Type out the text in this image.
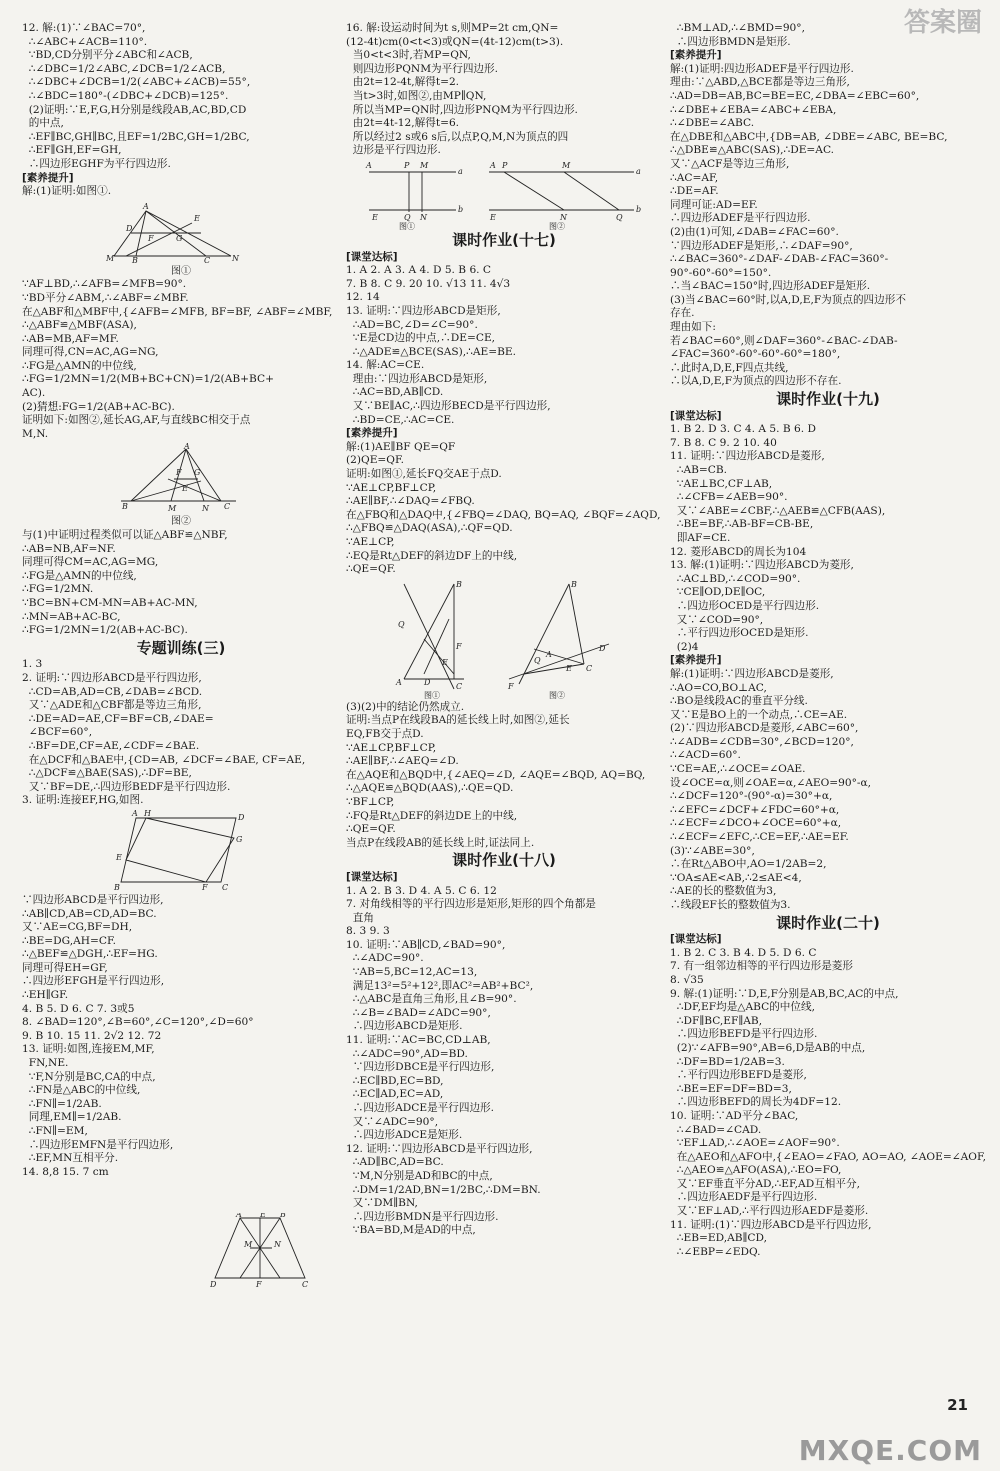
12. 解:(1)∵∠BAC=70°,
∴∠ABC+∠ACB=110°.
∵BD,CD分别平分∠ABC和∠ACB,
∴∠DBC=1/2∠ABC,∠DCB=1/2∠ACB,
∴∠DBC+∠DCB=1/2(∠ABC+∠ACB)=55°,
∴∠BDC=180°-(∠DBC+∠DCB)=125°.
(2)证明:∵E,F,G,H分别是线段AB,AC,BD,CD
的中点,
∴EF∥BC,GH∥BC,且EF=1/2BC,GH=1/2BC,
∴EF∥GH,EF=GH,
∴四边形EGHF为平行四边形.
[素养提升]
解:(1)证明:如图①.
A
M	N
B	C
E
D
F	G
图①
∵AF⊥BD,∴∠AFB=∠MFB=90°.
∵BD平分∠ABM,∴∠ABF=∠MBF.
在△ABF和△MBF中,{∠AFB=∠MFB, BF=BF, ∠ABF=∠MBF,
∴△ABF≌△MBF(ASA),
∴AB=MB,AF=MF.
同理可得,CN=AC,AG=NG,
∴FG是△AMN的中位线,
∴FG=1/2MN=1/2(MB+BC+CN)=1/2(AB+BC+
AC).
(2)猜想:FG=1/2(AB+AC-BC).
证明如下:如图②,延长AG,AF,与直线BC相交于点
M,N.
A
B	C
M	N
F G
E
图②
与(1)中证明过程类似可以证△ABF≌△NBF,
∴AB=NB,AF=NF.
同理可得CM=AC,AG=MG,
∴FG是△AMN的中位线,
∴FG=1/2MN.
∵BC=BN+CM-MN=AB+AC-MN,
∴MN=AB+AC-BC,
∴FG=1/2MN=1/2(AB+AC-BC).
专题训练(三)
1. 3
2. 证明:∵四边形ABCD是平行四边形,
∴CD=AB,AD=CB,∠DAB=∠BCD.
又∵△ADE和△CBF都是等边三角形,
∴DE=AD=AE,CF=BF=CB,∠DAE=
∠BCF=60°,
∴BF=DE,CF=AE,∠CDF=∠BAE.
在△DCF和△BAE中,{CD=AB, ∠DCF=∠BAE, CF=AE,
∴△DCF≌△BAE(SAS),∴DF=BE,
又∵BF=DE,∴四边形BEDF是平行四边形.
3. 证明:连接EF,HG,如图.
A H	D
E
G
B	F C
∵四边形ABCD是平行四边形,
∴AB∥CD,AB=CD,AD=BC.
又∵AE=CG,BF=DH,
∴BE=DG,AH=CF.
∴△BEF≌△DGH,∴EF=HG.
同理可得EH=GF,
∴四边形EFGH是平行四边形,
∴EH∥GF.
4. B 5. D 6. C 7. 3或5
8. ∠BAD=120°,∠B=60°,∠C=120°,∠D=60°
9. B 10. 15 11. 2√2 12. 72
13. 证明:如图,连接EM,MF,
FN,NE.
∵F,N分别是BC,CA的中点,
∴FN是△ABC的中位线,
∴FN∥=1/2AB.
同理,EM∥=1/2AB.
∴FN∥=EM,
∴四边形EMFN是平行四边形,
∴EF,MN互相平分.
14. 8,8 15. 7 cm
16. 解:设运动时间为t s,则MP=2t cm,QN=
(12-4t)cm(0<t<3)或QN=(4t-12)cm(t>3).
当0<t<3时,若MP=QN,
则四边形PQNM为平行四边形.
由2t=12-4t,解得t=2.
当t>3时,如图②,由MP∥QN,
所以当MP=QN时,四边形PNQM为平行四边形.
由2t=4t-12,解得t=6.
所以经过2 s或6 s后,以点P,Q,M,N为顶点的四
边形是平行四边形.
A	P M
a
E	Q N
b
图①
A P	M
a
E	N	Q
b
图②
课时作业(十七)
[课堂达标]
1. A 2. A 3. A 4. D 5. B 6. C
7. B 8. C 9. 20 10. √13 11. 4√3
12. 14
13. 证明:∵四边形ABCD是矩形,
∴AD=BC,∠D=∠C=90°.
∵E是CD边的中点,∴DE=CE,
∴△ADE≌△BCE(SAS),∴AE=BE.
14. 解:AC=CE.
理由:∵四边形ABCD是矩形,
∴AC=BD,AB∥CD.
又∵BE∥AC,∴四边形BECD是平行四边形,
∴BD=CE,∴AC=CE.
[素养提升]
解:(1)AE∥BF QE=QF
(2)QE=QF.
证明:如图①,延长FQ交AE于点D.
∵AE⊥CP,BF⊥CP,
∴AE∥BF,∴∠DAQ=∠FBQ.
在△FBQ和△DAQ中,{∠FBQ=∠DAQ, BQ=AQ, ∠BQF=∠AQD,
∴△FBQ≌△DAQ(ASA),∴QF=QD.
∵AE⊥CP,
∴EQ是Rt△DEF的斜边DF上的中线,
∴QE=QF.
B
Q
A	C
E
D
F
图①
B
F
C
Q
A
E
D
图②
(3)(2)中的结论仍然成立.
证明:当点P在线段BA的延长线上时,如图②,延长
EQ,FB交于点D.
∵AE⊥CP,BF⊥CP,
∴AE∥BF,∴∠AEQ=∠D.
在△AQE和△BQD中,{∠AEQ=∠D, ∠AQE=∠BQD, AQ=BQ,
∴△AQE≌△BQD(AAS),∴QE=QD.
∵BF⊥CP,
∴FQ是Rt△DEF的斜边DE上的中线,
∴QE=QF.
当点P在线段AB的延长线上时,证法同上.
课时作业(十八)
[课堂达标]
1. A 2. B 3. D 4. A 5. C 6. 12
7. 对角线相等的平行四边形是矩形,矩形的四个角都是
直角
8. 3 9. 3
10. 证明:∵AB∥CD,∠BAD=90°,
∴∠ADC=90°.
∵AB=5,BC=12,AC=13,
满足13²=5²+12²,即AC²=AB²+BC²,
∴△ABC是直角三角形,且∠B=90°.
∴∠B=∠BAD=∠ADC=90°,
∴四边形ABCD是矩形.
11. 证明:∵AC=BC,CD⊥AB,
∴∠ADC=90°,AD=BD.
∵四边形DBCE是平行四边形,
∴EC∥BD,EC=BD,
∴EC∥AD,EC=AD,
∴四边形ADCE是平行四边形.
又∵∠ADC=90°,
∴四边形ADCE是矩形.
12. 证明:∵四边形ABCD是平行四边形,
∴AD∥BC,AD=BC.
∵M,N分别是AD和BC的中点,
∴DM=1/2AD,BN=1/2BC,∴DM=BN.
又∵DM∥BN,
∴四边形BMDN是平行四边形.
∵BA=BD,M是AD的中点,
∴BM⊥AD,∴∠BMD=90°,
∴四边形BMDN是矩形.
[素养提升]
解:(1)证明:四边形ADEF是平行四边形.
理由:∵△ABD,△BCE都是等边三角形,
∴AD=DB=AB,BC=BE=EC,∠DBA=∠EBC=60°,
∴∠DBE+∠EBA=∠ABC+∠EBA,
∴∠DBE=∠ABC.
在△DBE和△ABC中,{DB=AB, ∠DBE=∠ABC, BE=BC,
∴△DBE≌△ABC(SAS),∴DE=AC.
又∵△ACF是等边三角形,
∴AC=AF,
∴DE=AF.
同理可证:AD=EF.
∴四边形ADEF是平行四边形.
(2)由(1)可知,∠DAB=∠FAC=60°.
∵四边形ADEF是矩形,∴∠DAF=90°,
∴∠BAC=360°-∠DAF-∠DAB-∠FAC=360°-
90°-60°-60°=150°.
∴当∠BAC=150°时,四边形ADEF是矩形.
(3)当∠BAC=60°时,以A,D,E,F为顶点的四边形不
存在.
理由如下:
若∠BAC=60°,则∠DAF=360°-∠BAC-∠DAB-
∠FAC=360°-60°-60°-60°=180°,
∴此时A,D,E,F四点共线,
∴以A,D,E,F为顶点的四边形不存在.
课时作业(十九)
[课堂达标]
1. B 2. D 3. C 4. A 5. B 6. D
7. B 8. C 9. 2 10. 40
11. 证明:∵四边形ABCD是菱形,
∴AB=CB.
∵AE⊥BC,CF⊥AB,
∴∠CFB=∠AEB=90°.
又∵∠ABE=∠CBF,∴△AEB≌△CFB(AAS),
∴BE=BF,∴AB-BF=CB-BE,
即AF=CE.
12. 菱形ABCD的周长为104
13. 解:(1)证明:∵四边形ABCD为菱形,
∴AC⊥BD,∴∠COD=90°.
∵CE∥OD,DE∥OC,
∴四边形OCED是平行四边形.
又∵∠COD=90°,
∴平行四边形OCED是矩形.
(2)4
[素养提升]
解:(1)证明:∵四边形ABCD是菱形,
∴AO=CO,BO⊥AC,
∴BO是线段AC的垂直平分线.
又∵E是BO上的一个动点,∴CE=AE.
(2)∵四边形ABCD是菱形,∠ABC=60°,
∴∠ADB=∠CDB=30°,∠BCD=120°,
∴∠ACD=60°.
∵CE=AE,∴∠OCE=∠OAE.
设∠OCE=α,则∠OAE=α,∠AEO=90°-α,
∴∠DCF=120°-(90°-α)=30°+α,
∴∠EFC=∠DCF+∠FDC=60°+α,
∴∠ECF=∠DCO+∠OCE=60°+α,
∴∠ECF=∠EFC,∴CE=EF,∴AE=EF.
(3)∵∠ABE=30°,
∴在Rt△ABO中,AO=1/2AB=2,
∵OA≤AE<AB,∴2≤AE<4,
∴AE的长的整数值为3,
∴线段EF长的整数值为3.
课时作业(二十)
[课堂达标]
1. B 2. C 3. B 4. D 5. D 6. C
7. 有一组邻边相等的平行四边形是菱形
8. √35
9. 解:(1)证明:∵D,E,F分别是AB,BC,AC的中点,
∴DF,EF均是△ABC的中位线,
∴DF∥BC,EF∥AB,
∴四边形BEFD是平行四边形.
(2)∵∠AFB=90°,AB=6,D是AB的中点,
∴DF=BD=1/2AB=3.
∴平行四边形BEFD是菱形,
∴BE=EF=DF=BD=3,
∴四边形BEFD的周长为4DF=12.
10. 证明:∵AD平分∠BAC,
∴∠BAD=∠CAD.
∵EF⊥AD,∴∠AOE=∠AOF=90°.
在△AEO和△AFO中,{∠EAO=∠FAO, AO=AO, ∠AOE=∠AOF,
∴△AEO≌△AFO(ASA),∴EO=FO,
又∵EF垂直平分AD,∴EF,AD互相平分,
∴四边形AEDF是平行四边形.
又∵EF⊥AD,∴平行四边形AEDF是菱形.
11. 证明:(1)∵四边形ABCD是平行四边形,
∴EB=ED,AB∥CD,
∴∠EBP=∠EDQ.
答案圈
MXQE.COM
21
A E B
D	F	C
M	N
